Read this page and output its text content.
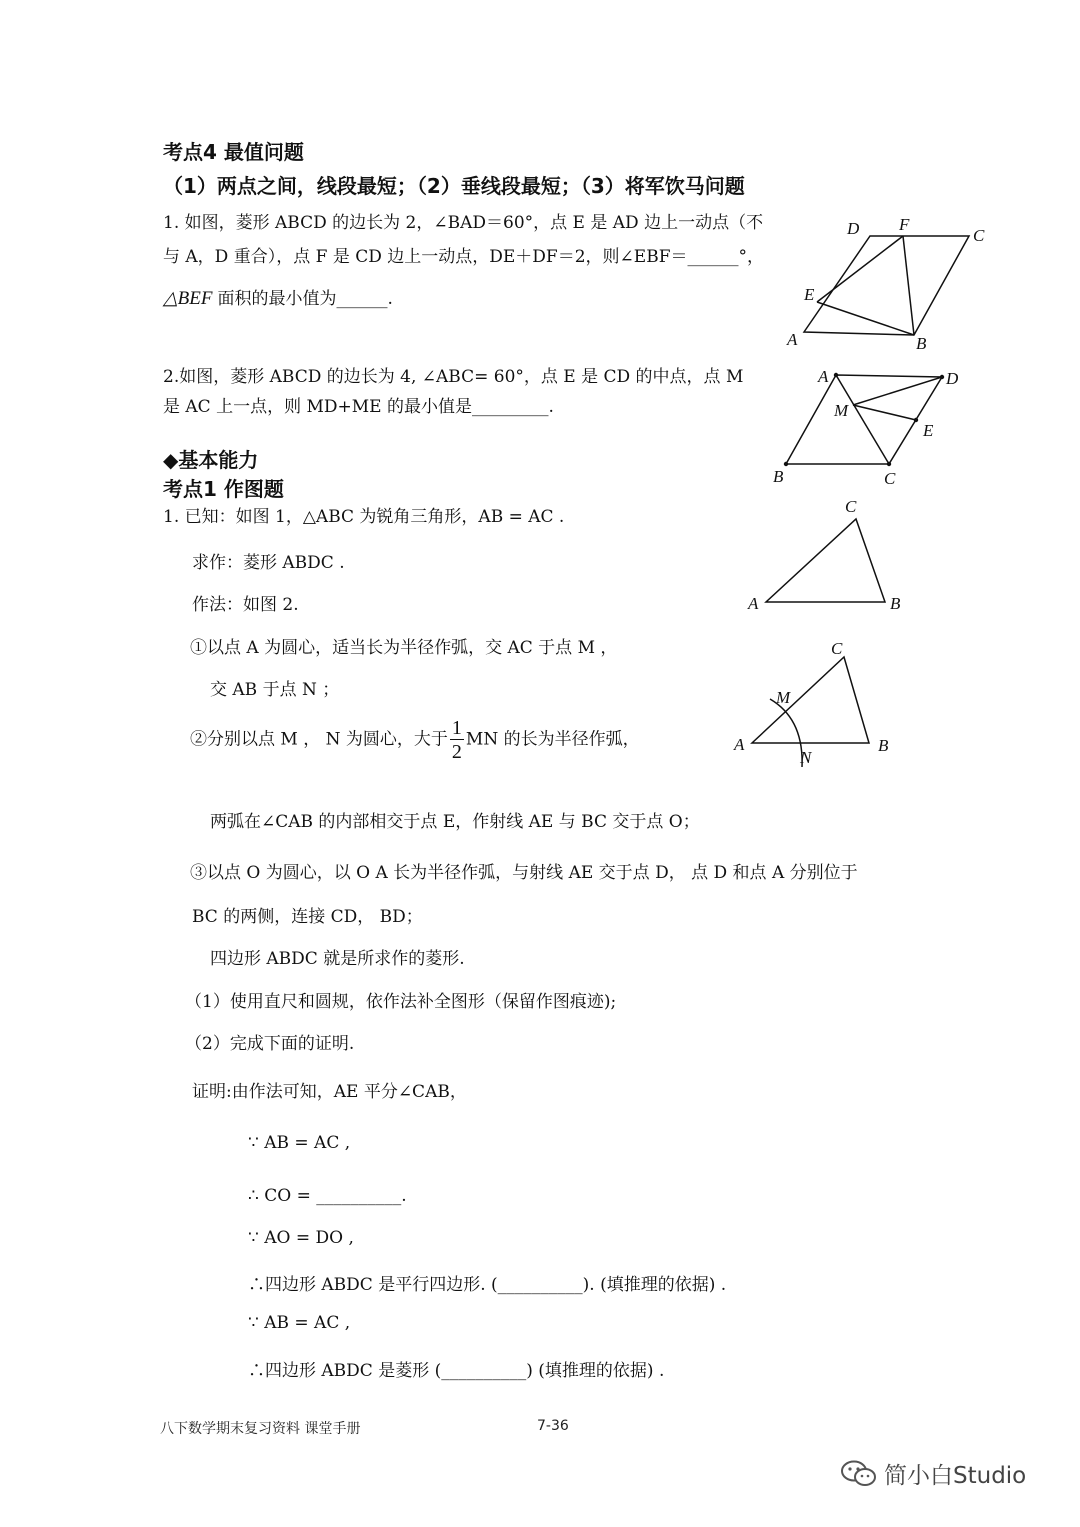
考点4 最值问题
（1）两点之间，线段最短；（2）垂线段最短；（3）将军饮马问题
1. 如图，菱形 ABCD 的边长为 2，∠BAD＝60°，点 E 是 AD 边上一动点（不
与 A，D 重合），点 F 是 CD 边上一动点，DE＋DF＝2，则∠EBF＝______°，
△BEF 面积的最小值为______.
2.如图，菱形 ABCD 的边长为 4, ∠ABC= 60°，点 E 是 CD 的中点，点 M
是 AC 上一点，则 MD+ME 的最小值是_________.
◆基本能力
考点1 作图题
1. 已知：如图 1，△ABC 为锐角三角形，AB = AC .
求作：菱形 ABDC .
作法：如图 2.
①以点 A 为圆心，适当长为半径作弧，交 AC 于点 M ，
交 AB 于点 N ；
②分别以点 M ， N 为圆心，大于 $\frac{1}{2}$ MN 的长为半径作弧，
两弧在∠CAB 的内部相交于点 E，作射线 AE 与 BC 交于点 O；
③以点 O 为圆心，以 O A 长为半径作弧，与射线 AE 交于点 D， 点 D 和点 A 分别位于
BC 的两侧，连接 CD， BD；
四边形 ABDC 就是所求作的菱形.
（1）使用直尺和圆规，依作法补全图形（保留作图痕迹);
（2）完成下面的证明.
证明:由作法可知，AE 平分∠CAB，
∵ AB = AC ,
∴ CO = __________.
∵ AO = DO ,
∴四边形 ABDC 是平行四边形. (__________). (填推理的依据) .
∵ AB = AC ,
∴四边形 ABDC 是菱形 (__________) (填推理的依据) .
八下数学期末复习资料 课堂手册	7-36
简小白Studio
A	B
C
D
E
F
A	D
M
E
B	C
A	B
C
A	B
C
M
N
